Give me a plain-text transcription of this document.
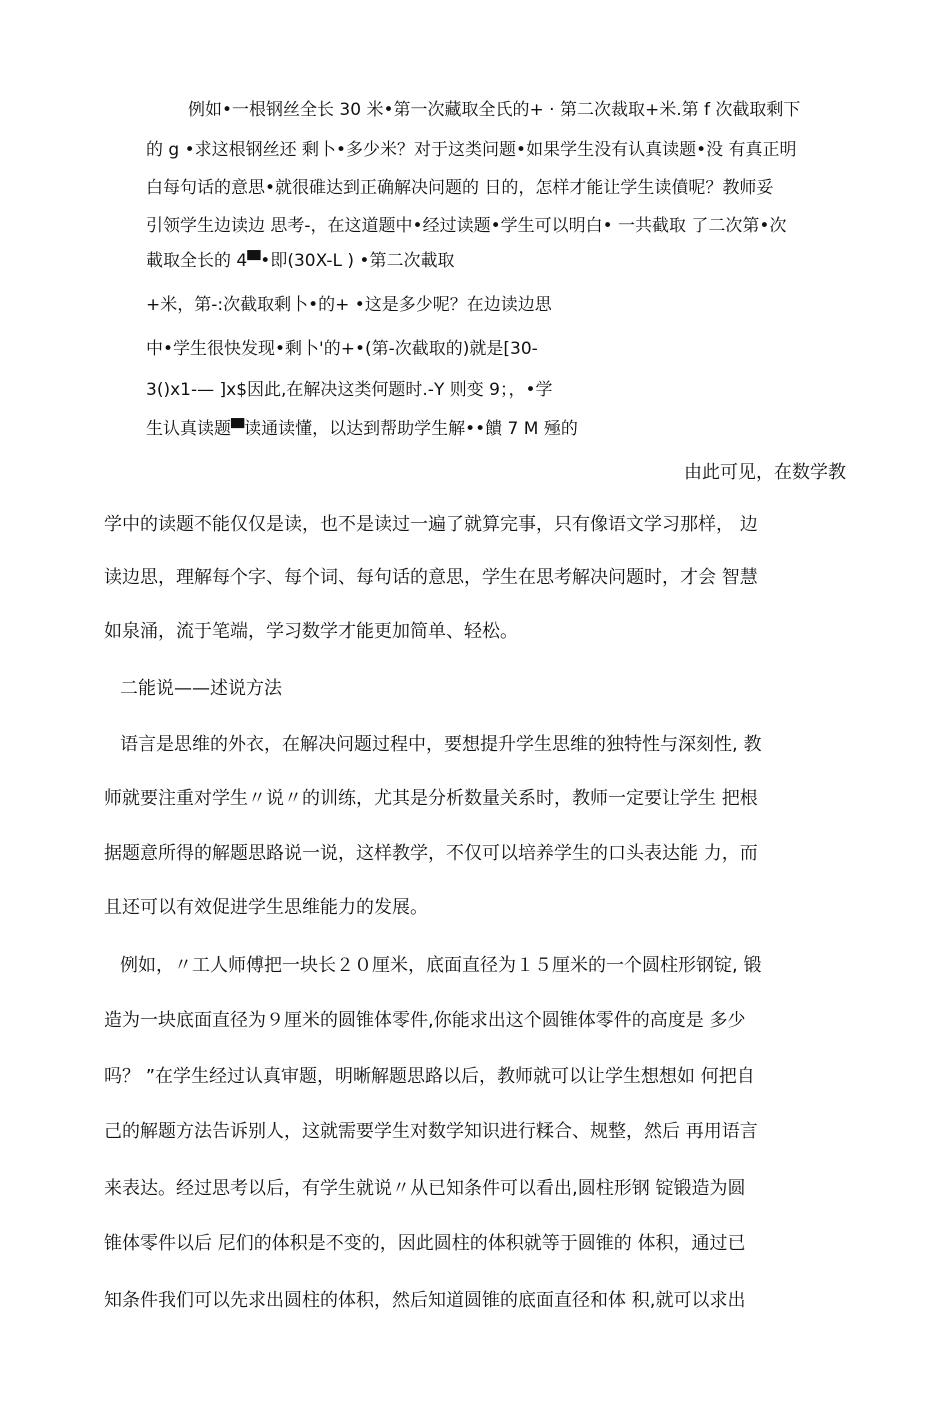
例如•一根钢丝全长 30 米•第一次藏取全氏的+ · 第二次裁取+米.第 f 次截取剩下
的 g •求这根钢丝还 剩卜•多少米？对于这类问题•如果学生没有认真读题•没 有真正明
白每句话的意思•就很碓达到正确解决问题的 日的，怎样才能让学生读僨呢？教师妥
引领学生边读边 思考-，在这道题中•经过读题•学生可以明白• 一共截取 了二次第•次
載取全长的 4▀•即(30X-L ) •第二次載取
+米，第-:次截取剩卜•的+ •这是多少呢？在边读边思
中•学生很快发现•剩卜'的+•(第-次截取的)就是[30-
3()x1-— ]x$因此,在解决这类何题时.-Y 则变 9；，•学
生认真读题▀读通读懂，以达到帮助学生解••饋 7 M 殛的
由此可见，在数学教
学中的读题不能仅仅是读，也不是读过一遍了就算完事，只有像语文学习那样， 边
读边思，理解每个字、每个词、每句话的意思，学生在思考解决问题时，才会 智慧
如泉涌，流于笔端，学习数学才能更加简单、轻松。
二能说——述说方法
语言是思维的外衣，在解决问题过程中，要想提升学生思维的独特性与深刻性, 教
师就要注重对学生〃说〃的训练，尤其是分析数量关系时，教师一定要让学生 把根
据题意所得的解题思路说一说，这样教学，不仅可以培养学生的口头表达能 力，而
且还可以有效促进学生思维能力的发展。
例如，〃工人师傅把一块长２０厘米，底面直径为１５厘米的一个圆柱形钢锭, 锻
造为一块底面直径为９厘米的圆锥体零件,你能求出这个圆锥体零件的高度是 多少
吗？ ”在学生经过认真审题，明晰解题思路以后，教师就可以让学生想想如 何把自
己的解题方法告诉别人，这就需要学生对数学知识进行糅合、规整，然后 再用语言
来表达。经过思考以后，有学生就说〃从已知条件可以看出,圆柱形钢 锭锻造为圆
锥体零件以后 尼们的体积是不变的，因此圆柱的体积就等于圆锥的 体积，通过已
知条件我们可以先求出圆柱的体积，然后知道圆锥的底面直径和体 积,就可以求出
